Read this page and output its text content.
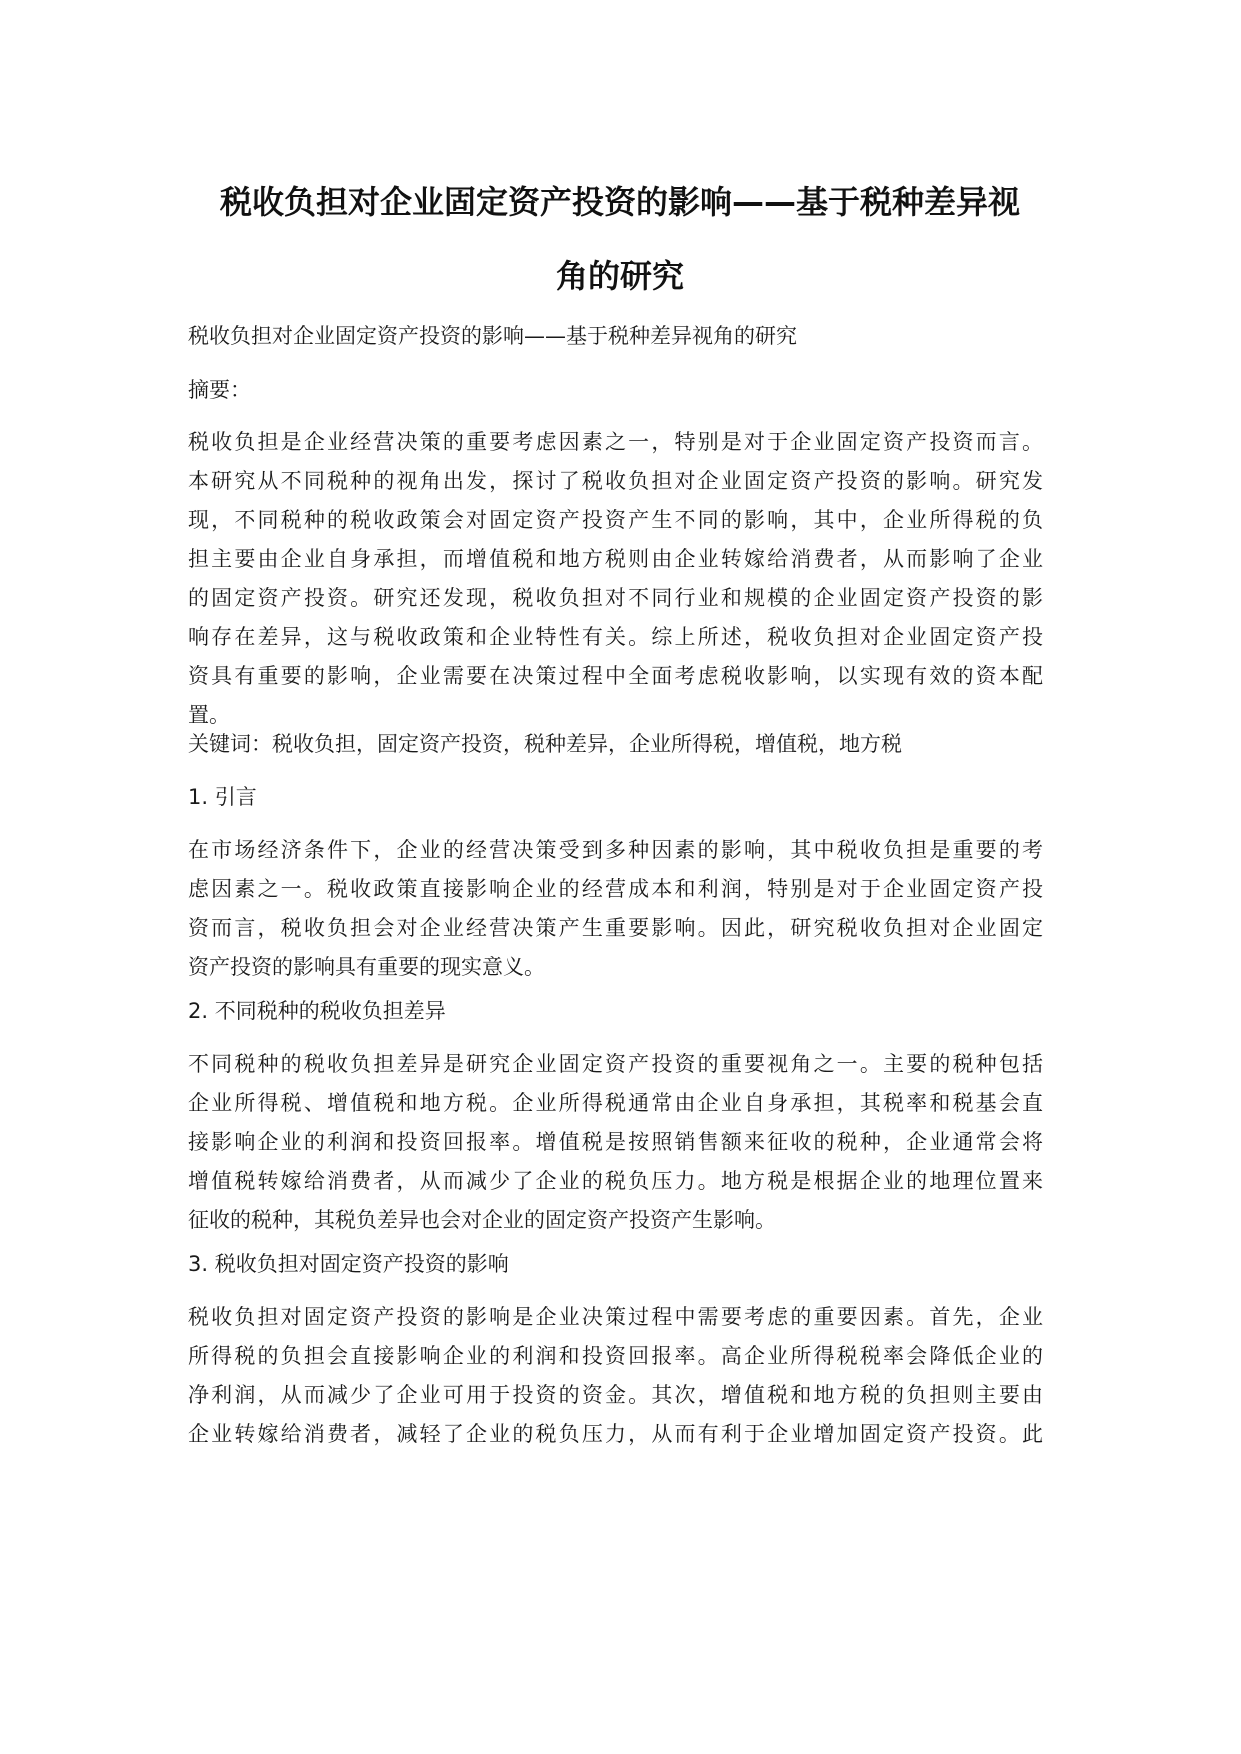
税收负担对企业固定资产投资的影响——基于税种差异视
角的研究

税收负担对企业固定资产投资的影响——基于税种差异视角的研究

摘要：

税收负担是企业经营决策的重要考虑因素之一，特别是对于企业固定资产投资而言。
本研究从不同税种的视角出发，探讨了税收负担对企业固定资产投资的影响。研究发
现，不同税种的税收政策会对固定资产投资产生不同的影响，其中，企业所得税的负
担主要由企业自身承担，而增值税和地方税则由企业转嫁给消费者，从而影响了企业
的固定资产投资。研究还发现，税收负担对不同行业和规模的企业固定资产投资的影
响存在差异，这与税收政策和企业特性有关。综上所述，税收负担对企业固定资产投
资具有重要的影响，企业需要在决策过程中全面考虑税收影响，以实现有效的资本配
置。

关键词：税收负担，固定资产投资，税种差异，企业所得税，增值税，地方税

1. 引言

在市场经济条件下，企业的经营决策受到多种因素的影响，其中税收负担是重要的考
虑因素之一。税收政策直接影响企业的经营成本和利润，特别是对于企业固定资产投
资而言，税收负担会对企业经营决策产生重要影响。因此，研究税收负担对企业固定
资产投资的影响具有重要的现实意义。

2. 不同税种的税收负担差异

不同税种的税收负担差异是研究企业固定资产投资的重要视角之一。主要的税种包括
企业所得税、增值税和地方税。企业所得税通常由企业自身承担，其税率和税基会直
接影响企业的利润和投资回报率。增值税是按照销售额来征收的税种，企业通常会将
增值税转嫁给消费者，从而减少了企业的税负压力。地方税是根据企业的地理位置来
征收的税种，其税负差异也会对企业的固定资产投资产生影响。

3. 税收负担对固定资产投资的影响

税收负担对固定资产投资的影响是企业决策过程中需要考虑的重要因素。首先，企业
所得税的负担会直接影响企业的利润和投资回报率。高企业所得税税率会降低企业的
净利润，从而减少了企业可用于投资的资金。其次，增值税和地方税的负担则主要由
企业转嫁给消费者，减轻了企业的税负压力，从而有利于企业增加固定资产投资。此
